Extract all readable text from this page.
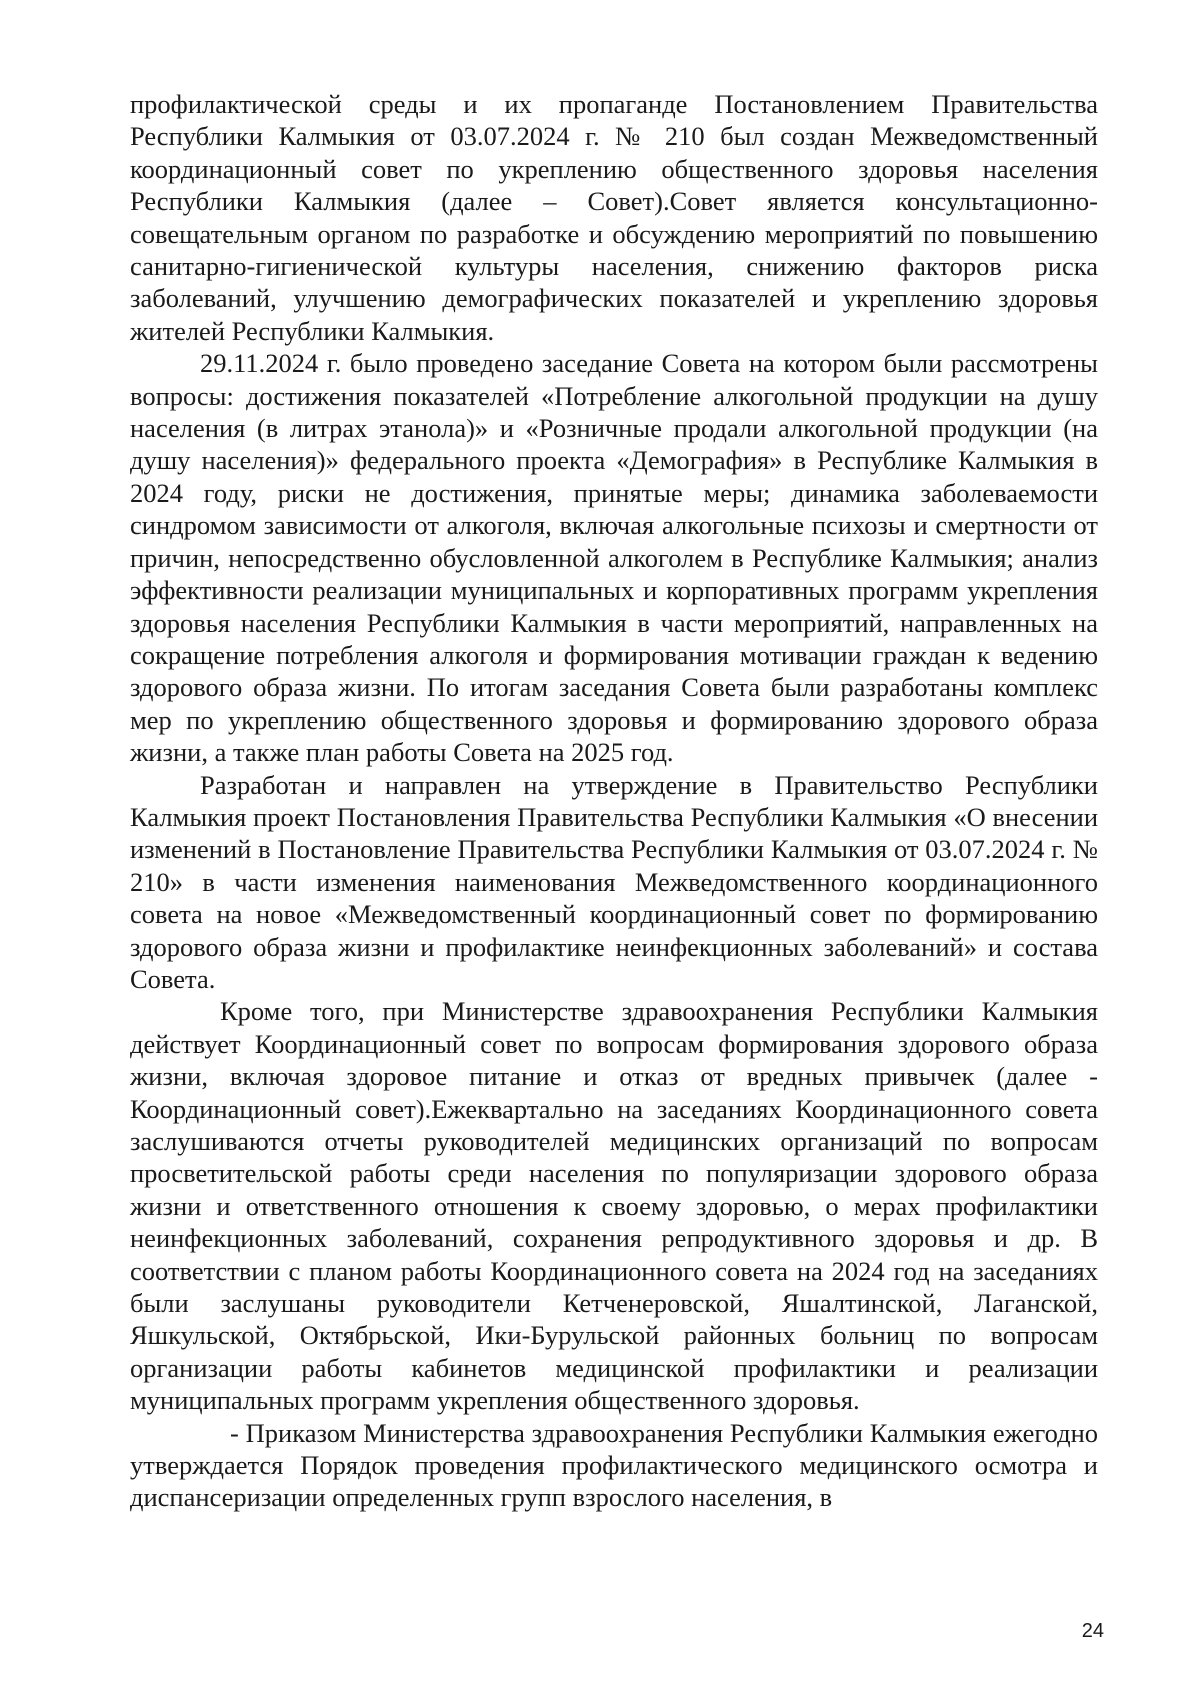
профилактической среды и их пропаганде Постановлением Правительства Республики Калмыкия от 03.07.2024 г. № 210 был создан Межведомственный координационный совет по укреплению общественного здоровья населения Республики Калмыкия (далее – Совет).Совет является консультационно-совещательным органом по разработке и обсуждению мероприятий по повышению санитарно-гигиенической культуры населения, снижению факторов риска заболеваний, улучшению демографических показателей и укреплению здоровья жителей Республики Калмыкия.

29.11.2024 г. было проведено заседание Совета на котором были рассмотрены вопросы: достижения показателей «Потребление алкогольной продукции на душу населения (в литрах этанола)» и «Розничные продали алкогольной продукции (на душу населения)» федерального проекта «Демография» в Республике Калмыкия в 2024 году, риски не достижения, принятые меры; динамика заболеваемости синдромом зависимости от алкоголя, включая алкогольные психозы и смертности от причин, непосредственно обусловленной алкоголем в Республике Калмыкия; анализ эффективности реализации муниципальных и корпоративных программ укрепления здоровья населения Республики Калмыкия в части мероприятий, направленных на сокращение потребления алкоголя и формирования мотивации граждан к ведению здорового образа жизни. По итогам заседания Совета были разработаны комплекс мер по укреплению общественного здоровья и формированию здорового образа жизни, а также план работы Совета на 2025 год.

Разработан и направлен на утверждение в Правительство Республики Калмыкия проект Постановления Правительства Республики Калмыкия «О внесении изменений в Постановление Правительства Республики Калмыкия от 03.07.2024 г. № 210» в части изменения наименования Межведомственного координационного совета на новое «Межведомственный координационный совет по формированию здорового образа жизни и профилактике неинфекционных заболеваний» и состава Совета.

Кроме того, при Министерстве здравоохранения Республики Калмыкия действует Координационный совет по вопросам формирования здорового образа жизни, включая здоровое питание и отказ от вредных привычек (далее - Координационный совет).Ежеквартально на заседаниях Координационного совета заслушиваются отчеты руководителей медицинских организаций по вопросам просветительской работы среди населения по популяризации здорового образа жизни и ответственного отношения к своему здоровью, о мерах профилактики неинфекционных заболеваний, сохранения репродуктивного здоровья и др. В соответствии с планом работы Координационного совета на 2024 год на заседаниях были заслушаны руководители Кетченеровской, Яшалтинской, Лаганской, Яшкульской, Октябрьской, Ики-Бурульской районных больниц по вопросам организации работы кабинетов медицинской профилактики и реализации муниципальных программ укрепления общественного здоровья.

- Приказом Министерства здравоохранения Республики Калмыкия ежегодно утверждается Порядок проведения профилактического медицинского осмотра и диспансеризации определенных групп взрослого населения, в

24
